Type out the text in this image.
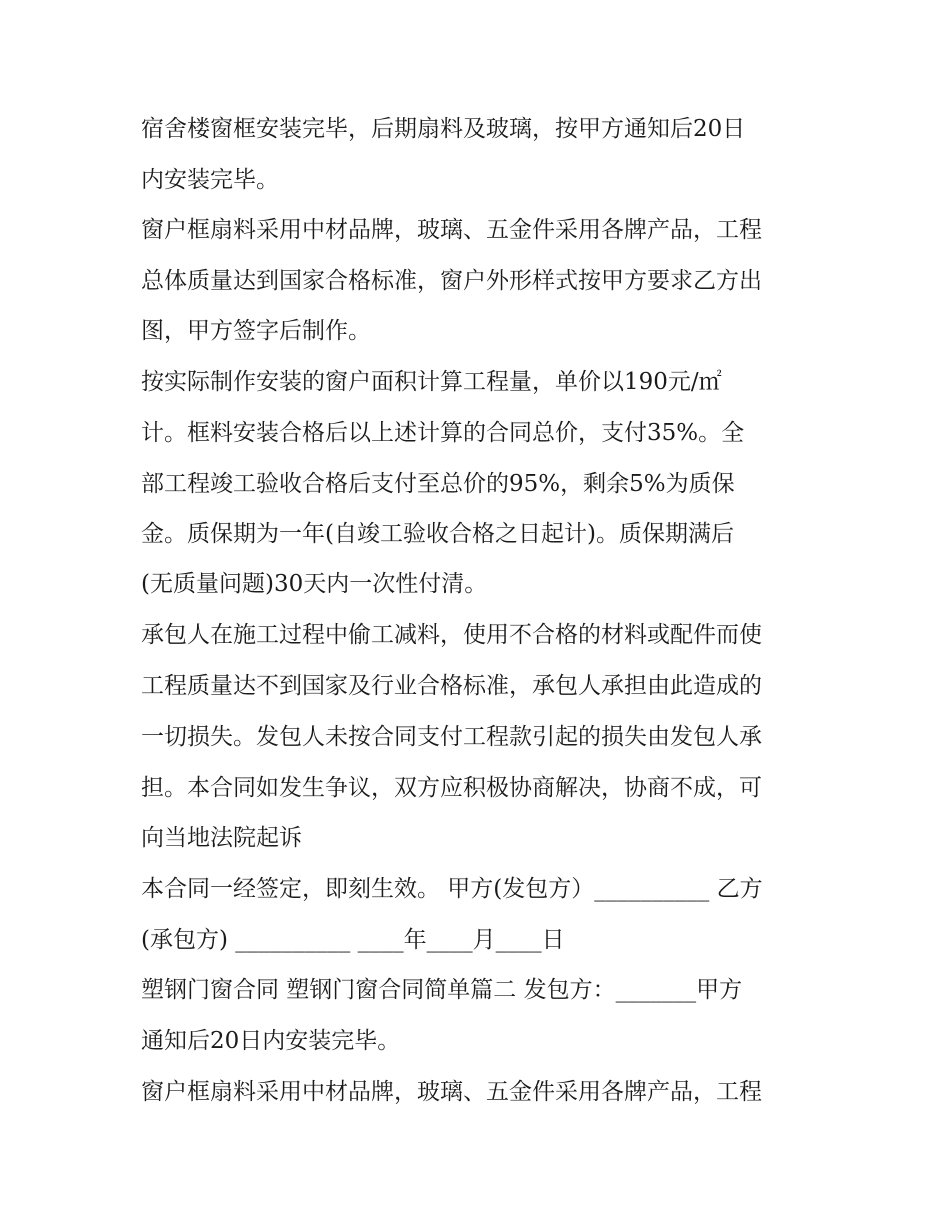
宿舍楼窗框安装完毕，后期扇料及玻璃，按甲方通知后20日
内安装完毕。
窗户框扇料采用中材品牌，玻璃、五金件采用各牌产品，工程
总体质量达到国家合格标准，窗户外形样式按甲方要求乙方出
图，甲方签字后制作。
按实际制作安装的窗户面积计算工程量，单价以190元/㎡
计。框料安装合格后以上述计算的合同总价，支付35%。全
部工程竣工验收合格后支付至总价的95%，剩余5%为质保
金。质保期为一年(自竣工验收合格之日起计)。质保期满后
(无质量问题)30天内一次性付清。
承包人在施工过程中偷工减料，使用不合格的材料或配件而使
工程质量达不到国家及行业合格标准，承包人承担由此造成的
一切损失。发包人未按合同支付工程款引起的损失由发包人承
担。本合同如发生争议，双方应积极协商解决，协商不成，可
向当地法院起诉
本合同一经签定，即刻生效。 甲方(发包方）__________ 乙方
(承包方) __________ ____年____月____日
塑钢门窗合同 塑钢门窗合同简单篇二 发包方：_______甲方
通知后20日内安装完毕。
窗户框扇料采用中材品牌，玻璃、五金件采用各牌产品，工程
